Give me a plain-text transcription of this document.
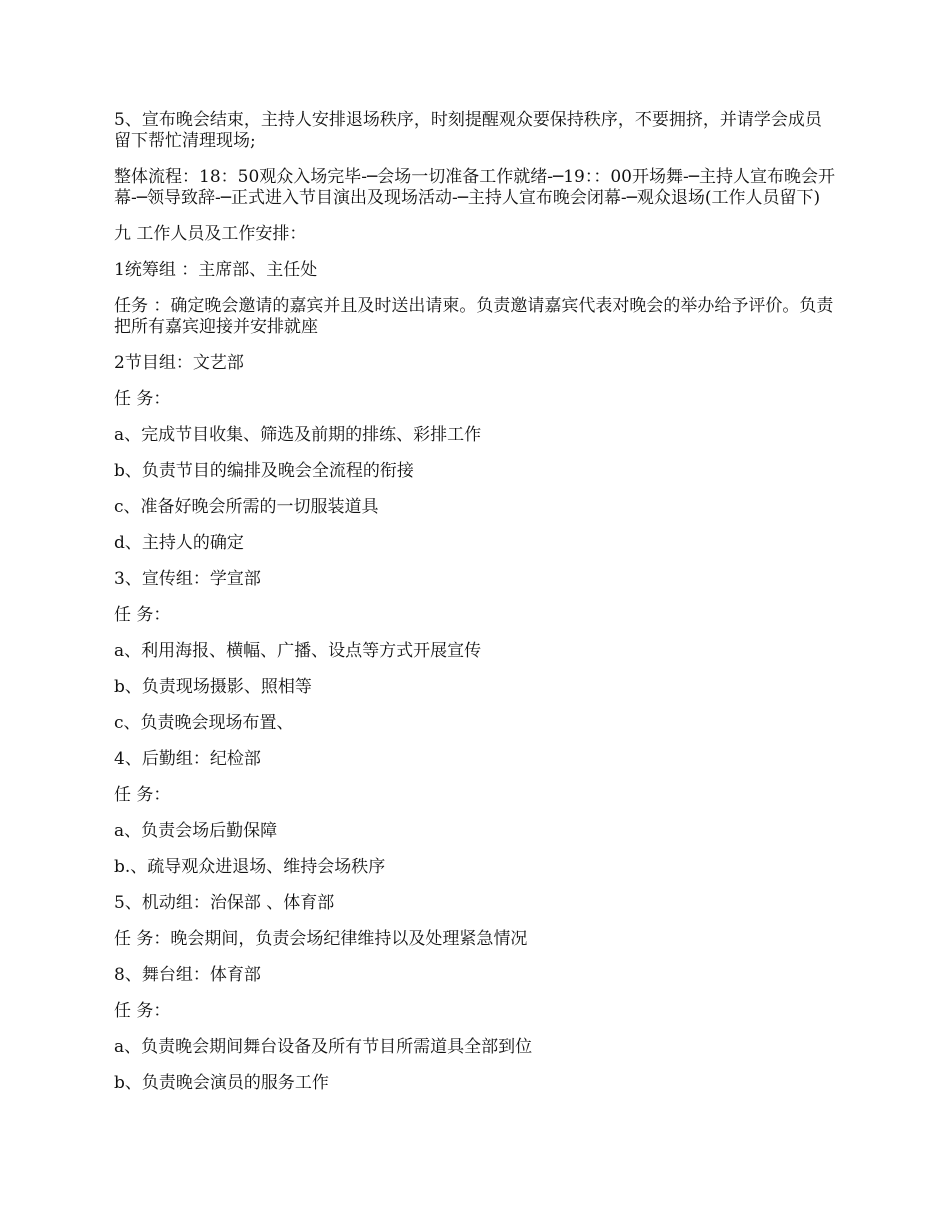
5、宣布晚会结束，主持人安排退场秩序，时刻提醒观众要保持秩序，不要拥挤，并请学会成员留下帮忙清理现场;

整体流程：18：50观众入场完毕-─会场一切准备工作就绪-─19：：00开场舞-─主持人宣布晚会开幕-─领导致辞-─正式进入节目演出及现场活动-─主持人宣布晚会闭幕-─观众退场(工作人员留下)

九 工作人员及工作安排：

1统筹组 ：主席部、主任处

任务 ：确定晚会邀请的嘉宾并且及时送出请柬。负责邀请嘉宾代表对晚会的举办给予评价。负责把所有嘉宾迎接并安排就座

2节目组：文艺部

任 务：

a、完成节目收集、筛选及前期的排练、彩排工作

b、负责节目的编排及晚会全流程的衔接

c、准备好晚会所需的一切服装道具

d、主持人的确定

3、宣传组：学宣部

任 务：

a、利用海报、横幅、广播、设点等方式开展宣传

b、负责现场摄影、照相等

c、负责晚会现场布置、

4、后勤组：纪检部

任 务：

a、负责会场后勤保障

b.、疏导观众进退场、维持会场秩序

5、机动组：治保部 、体育部

任 务：晚会期间，负责会场纪律维持以及处理紧急情况

8、舞台组：体育部

任 务：

a、负责晚会期间舞台设备及所有节目所需道具全部到位

b、负责晚会演员的服务工作
